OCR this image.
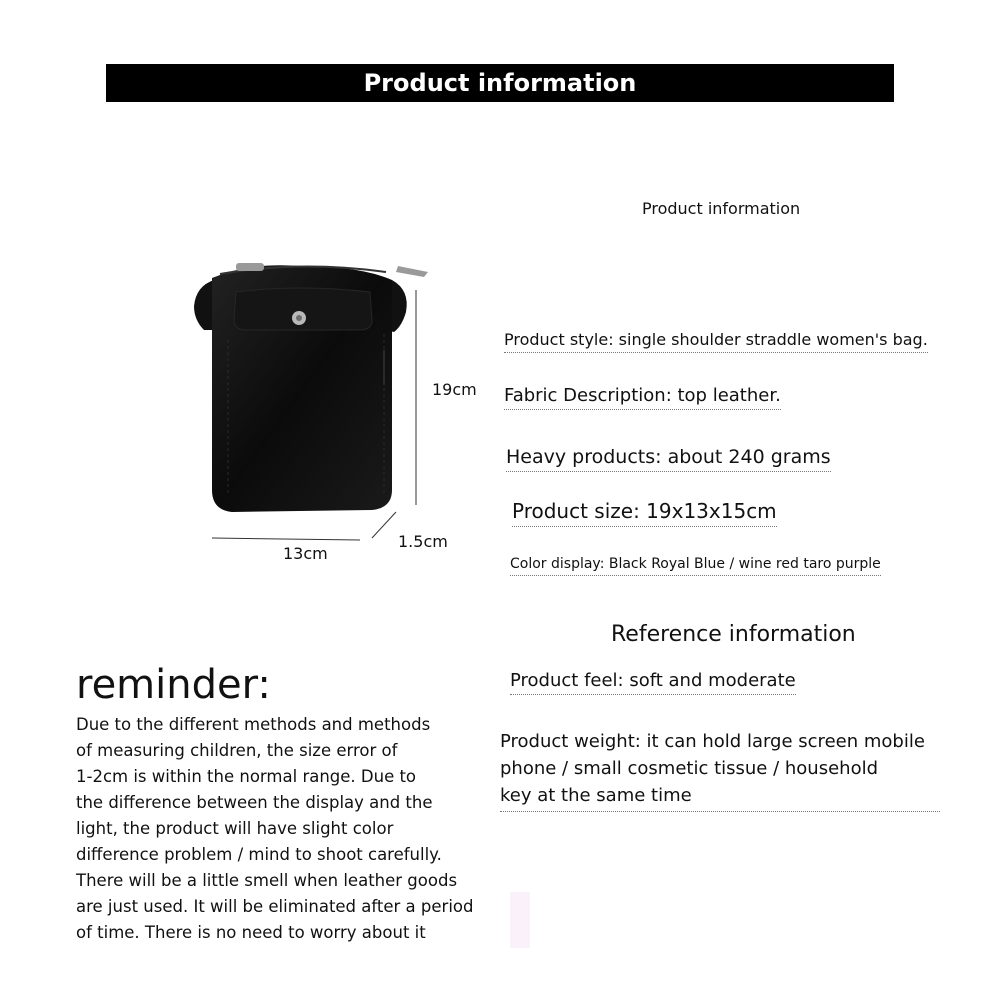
Product information
Product information
19cm
13cm
1.5cm
Product style: single shoulder straddle women's bag.
Fabric Description: top leather.
Heavy products: about 240 grams
Product size: 19x13x15cm
Color display: Black Royal Blue / wine red taro purple
Reference information
Product feel: soft and moderate
Product weight: it can hold large screen mobile
phone / small cosmetic tissue / household
key at the same time
reminder:
Due to the different methods and methods
of measuring children, the size error of
1-2cm is within the normal range. Due to
the difference between the display and the
light, the product will have slight color
difference problem / mind to shoot carefully.
There will be a little smell when leather goods
are just used. It will be eliminated after a period
of time. There is no need to worry about it
